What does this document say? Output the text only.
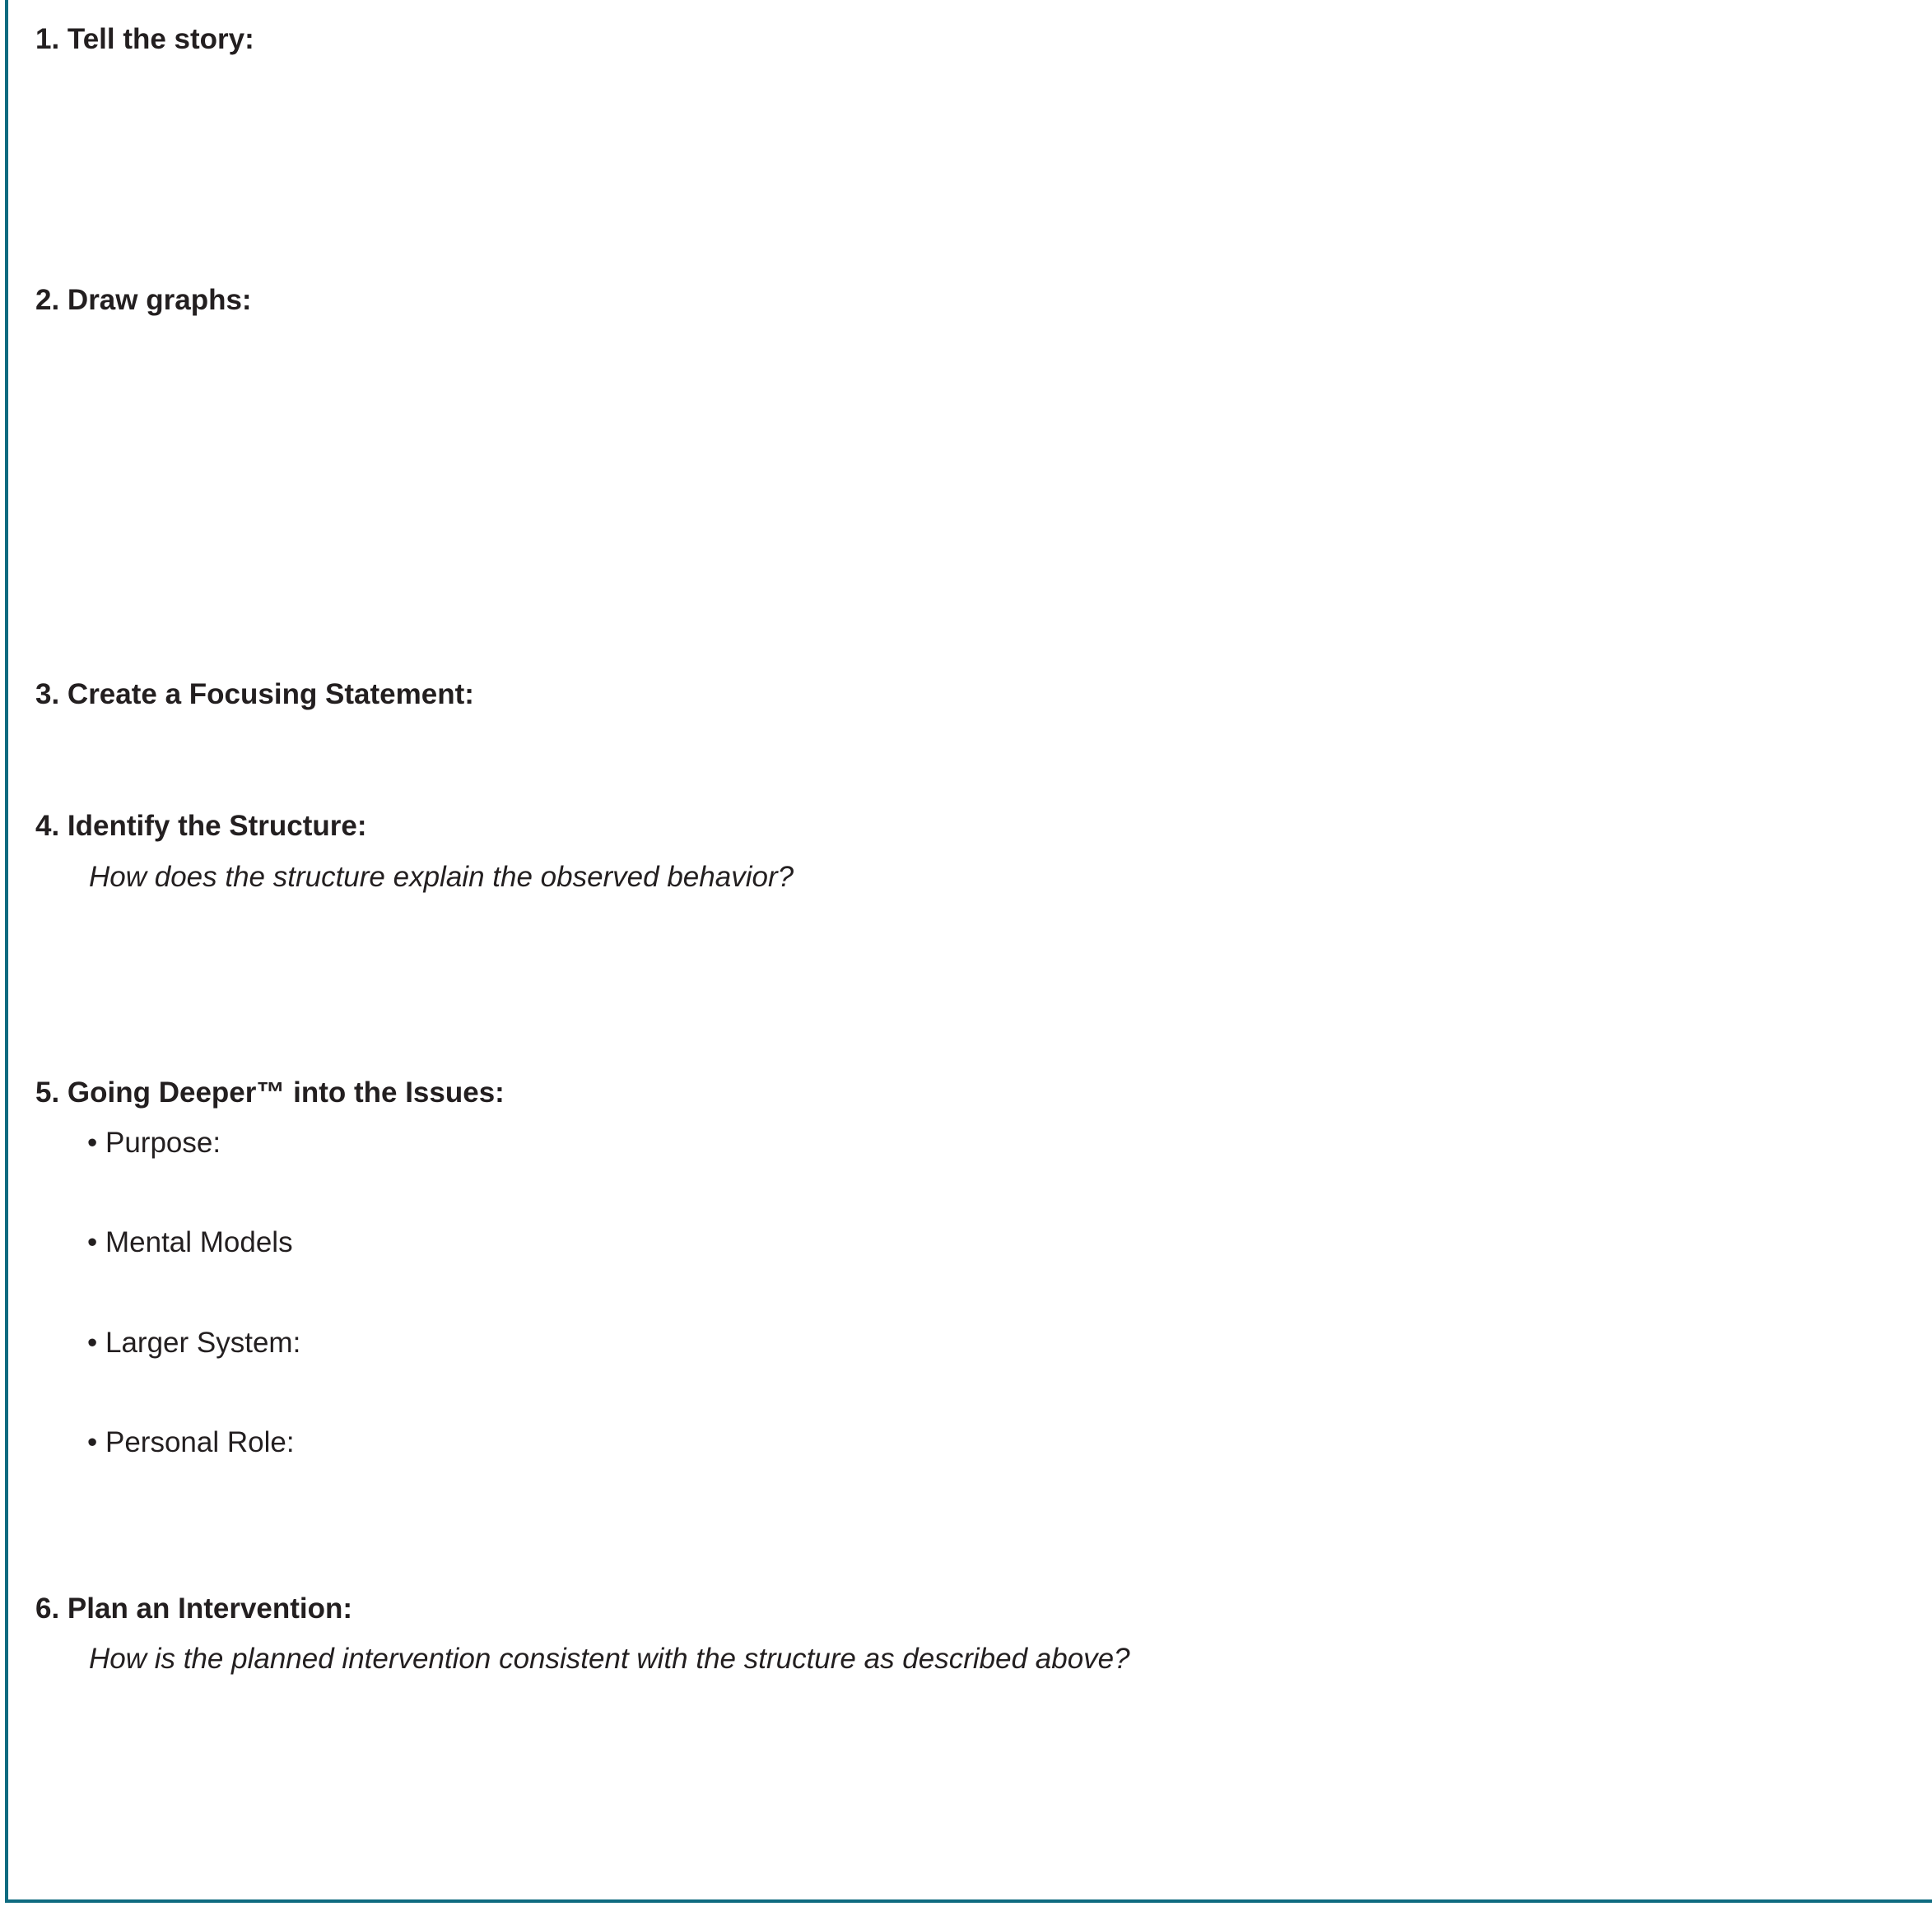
1. Tell the story:
2. Draw graphs:
3. Create a Focusing Statement:
4. Identify the Structure:
How does the structure explain the observed behavior?
5. Going Deeper™ into the Issues:
• Purpose:
• Mental Models
• Larger System:
• Personal Role:
6. Plan an Intervention:
How is the planned intervention consistent with the structure as described above?
